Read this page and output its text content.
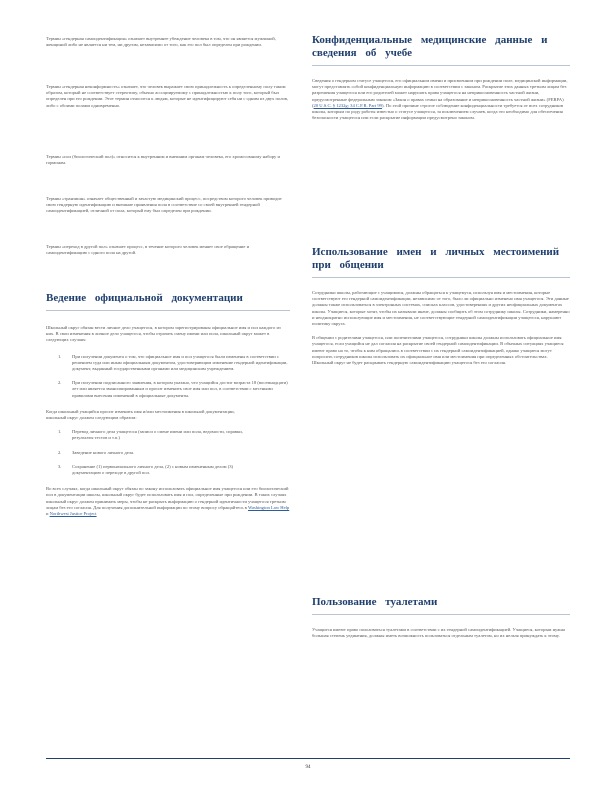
Термин «гендерная самоидентификация» означает внутреннее убеждение человека в том, что он является мужчиной, женщиной либо не является ни тем, ни другим, независимо от того, как его пол был определен при рождении.

Термин «гендерная неконформность» означает, что человек выражает свою принадлежность к определенному полу таким образом, который не соответствует стереотипу, обычно ассоциируемому с принадлежностью к полу того, который был определен при его рождении. Этот термин относится к людям, которые не идентифицируют себя ни с одним из двух полов, либо с обоими полами одновременно.

Термин «пол (биологический пол)» относится к внутренним и внешним органам человека, его хромосомному набору и гормонам.

Термин «транзишн» означает общественный и зачастую медицинский процесс, посредством которого человек приводит свою гендерную идентификацию и внешние проявления пола в соответствие со своей внутренней гендерной самоидентификацией, отличной от пола, который ему был определен при рождении.

Термин «переход в другой пол» означает процесс, в течение которого человек меняет свое обращение и самоидентификацию с одного пола на другой.

Ведение официальной документации

Школьный округ обязан вести личное дело учащегося, в котором зарегистрированы официальное имя и пол каждого из них. В свои изменения в личное дело учащегося, чтобы отразить смену имени или пола, школьный округ может в следующих случаях:

1. При получении документа о том, что официальное имя и пол учащегося были изменены в соответствии с решением суда или иным официальным документом, удостоверяющим изменение гендерной идентификации, документ, выданный государственными органами или медицинским учреждением.

2. При получении подписанного заявления, в котором указано, что учащийся достиг возраста 18 (восемнадцати) лет или является эмансипированным и просит изменить свое имя или пол, в соответствии с местными правилами внесения изменений в официальные документы.

Когда школьный учащийся просит изменить имя и/или местоимения в школьной документации, школьный округ должен следующим образом:

1. Перевод личного дела учащегося (записи о смене имени или пола, ведомости, справки, результаты тестов и т.п.)

2. Заведение нового личного дела.

3. Сохранение (1) первоначального личного дела, (2) с новым измененным делом (3) документацию о переходе в другой пол.

Во всех случаях, когда школьный округ обязан по закону использовать официальное имя учащегося или его биологический пол в документации школы, школьный округ будет использовать имя и пол, определенные при рождении. В таких случаях школьный округ должен принимать меры, чтобы не раскрыть информацию о гендерной идентичности учащегося третьим лицам без его согласия. Для получения дополнительной информации по этому вопросу обращайтесь в Washington Law Help и Northwest Justice Project

Конфиденциальные медицинские данные и сведения об учебе

Сведения о гендерном статусе учащегося, его официальном имени и присвоенном при рождении поле, медицинской информации, могут представлять собой конфиденциальную информацию в соответствии с законом. Раскрытие этих данных третьим лицам без разрешения учащегося или его родителей может нарушать права учащегося на неприкосновенность частной жизни, предусмотренные федеральным законом «Закон о правах семьи на образование и неприкосновенность частной жизни» (FERPA) (20 U.S.C. § 1232g; 34 C.F.R. Part 99). По этой причине строгое соблюдение конфиденциальности требуется от всех сотрудников школы, которым по роду работы известно о статусе учащегося, за исключением случаев, когда это необходимо для обеспечения безопасности учащегося или если раскрытие информации предусмотрено законом.

Использование имен и личных местоимений при общении

Сотрудники школы, работающие с учащимися, должны обращаться к учащемуся, используя имя и местоимения, которые соответствуют его гендерной самоидентификации, независимо от того, было ли официально изменено имя учащегося. Эти данные должны также использоваться в электронных системах, списках классов, удостоверениях и других неофициальных документах школы. Учащиеся, которые хотят, чтобы их называли иначе, должны сообщить об этом сотруднику школы. Сотрудники, намеренно и неоднократно использующие имя и местоимения, не соответствующие гендерной самоидентификации учащегося, нарушают политику округа.

В общении с родителями учащегося, или попечителями учащегося, сотрудники школы должны использовать официальное имя учащегося, если учащийся не дал согласия на раскрытие своей гендерной самоидентификации. В обычных ситуациях учащиеся имеют право на то, чтобы к ним обращались в соответствии с их гендерной самоидентификацией, однако учащиеся могут попросить сотрудников школы использовать их официальное имя или местоимения при определенных обстоятельствах. Школьный округ не будет раскрывать гендерную самоидентификацию учащегося без его согласия.

Пользование туалетами

Учащиеся имеют право пользоваться туалетами в соответствии с их гендерной самоидентификацией. Учащиеся, которым нужна большая степень уединения, должны иметь возможность пользоваться отдельным туалетом, но их нельзя принуждать к этому.

94
